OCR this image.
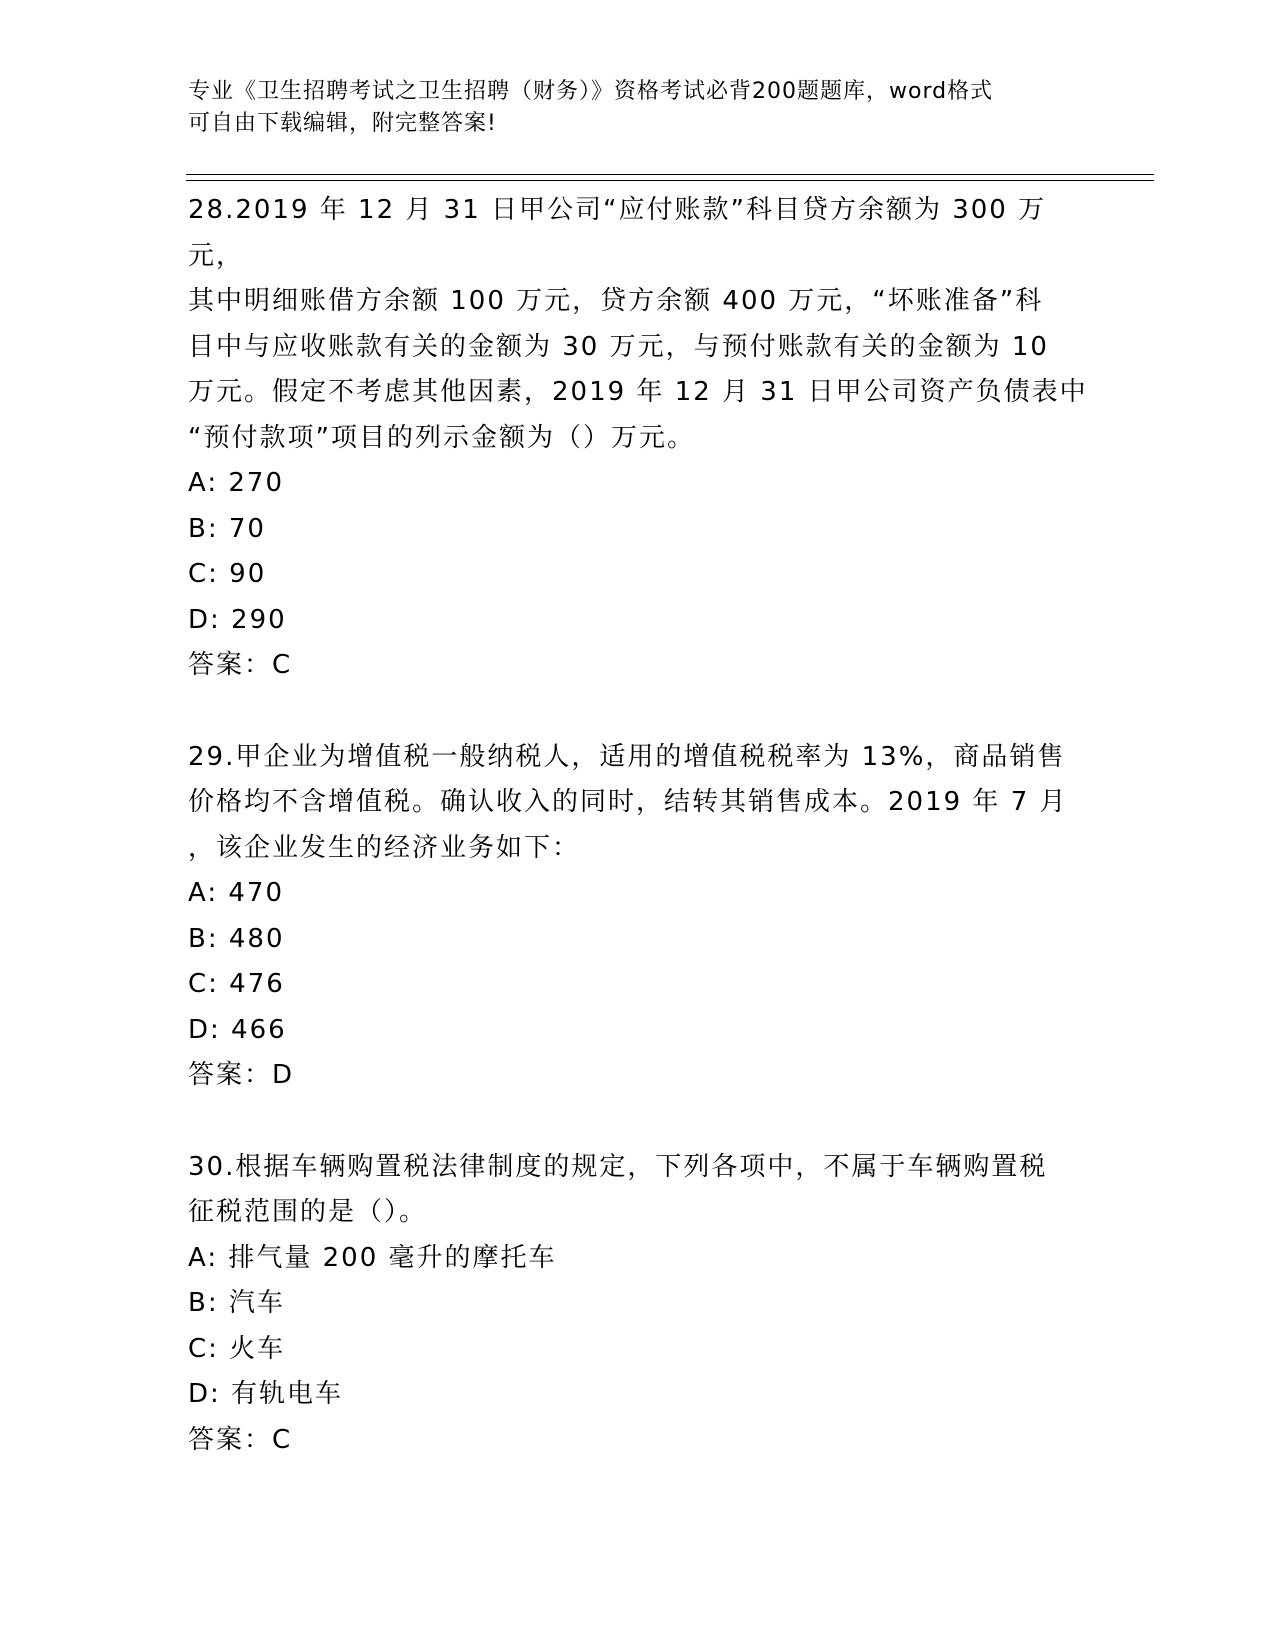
专业《卫生招聘考试之卫生招聘（财务）》资格考试必背200题题库，word格式
可自由下载编辑，附完整答案!
28.2019 年 12 月 31 日甲公司“应付账款”科目贷方余额为 300 万元，
其中明细账借方余额 100 万元，贷方余额 400 万元，“坏账准备”科
目中与应收账款有关的金额为 30 万元，与预付账款有关的金额为 10
万元。假定不考虑其他因素，2019 年 12 月 31 日甲公司资产负债表中
“预付款项”项目的列示金额为（）万元。
A: 270
B: 70
C: 90
D: 290
答案：C
29.甲企业为增值税一般纳税人，适用的增值税税率为 13%，商品销售
价格均不含增值税。确认收入的同时，结转其销售成本。2019 年 7 月
，该企业发生的经济业务如下：
A: 470
B: 480
C: 476
D: 466
答案：D
30.根据车辆购置税法律制度的规定，下列各项中，不属于车辆购置税
征税范围的是（）。
A: 排气量 200 毫升的摩托车
B: 汽车
C: 火车
D: 有轨电车
答案：C
